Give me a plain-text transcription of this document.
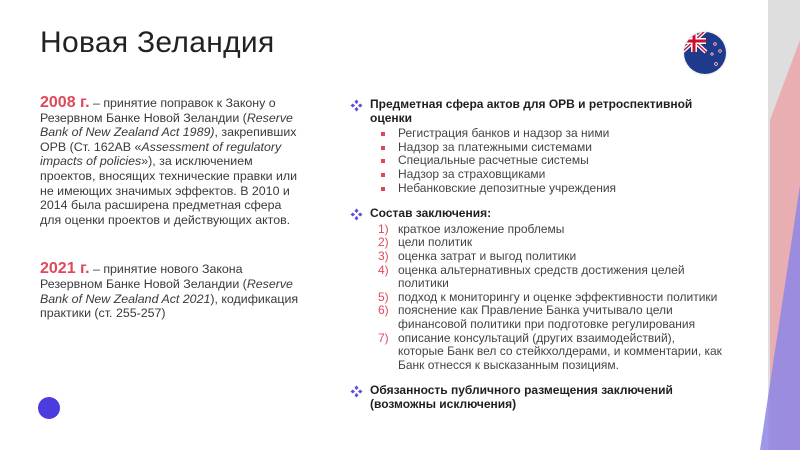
Новая Зеландия

2008 г. – принятие поправок к Закону о Резервном Банке Новой Зеландии (Reserve Bank of New Zealand Act 1989), закрепивших ОРВ (Ст. 162AB «Assessment of regulatory impacts of policies»), за исключением проектов, вносящих технические правки или не имеющих значимых эффектов. В 2010 и 2014 была расширена предметная сфера для оценки проектов и действующих актов.

2021 г. – принятие нового Закона Резервном Банке Новой Зеландии (Reserve Bank of New Zealand Act 2021), кодификация практики (ст. 255-257)

Предметная сфера актов для ОРВ и ретроспективной оценки
Регистрация банков и надзор за ними
Надзор за платежными системами
Специальные расчетные системы
Надзор за страховщиками
Небанковские депозитные учреждения
Состав заключения:
1) краткое изложение проблемы
2) цели политик
3) оценка затрат и выгод политики
4) оценка альтернативных средств достижения целей политики
5) подход к мониторингу и оценке эффективности политики
6) пояснение как Правление Банка учитывало цели финансовой политики при подготовке регулирования
7) описание консультаций (других взаимодействий), которые Банк вел со стейкхолдерами, и комментарии, как Банк отнесся к высказанным позициям.
Обязанность публичного размещения заключений (возможны исключения)
